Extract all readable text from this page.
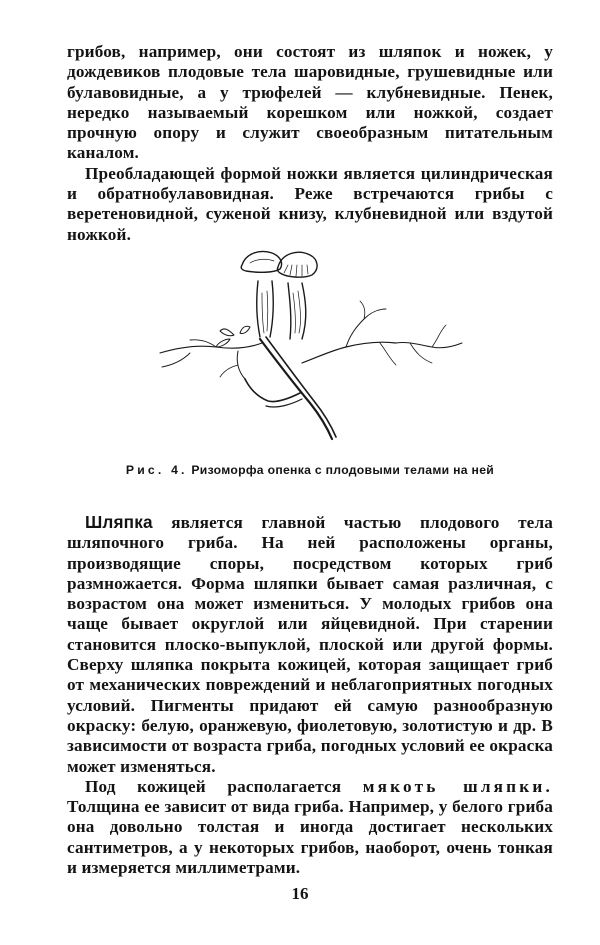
грибов, например, они состоят из шляпок и ножек, у дождевиков плодовые тела шаровидные, грушевидные или булавовидные, а у трюфелей — клубневидные. Пенек, нередко называемый корешком или ножкой, создает прочную опору и служит своеобразным питательным каналом.

Преобладающей формой ножки является цилиндрическая и обратнобулавовидная. Реже встречаются грибы с веретеновидной, суженой книзу, клубневидной или вздутой ножкой.

Рис. 4. Ризоморфа опенка с плодовыми телами на ней

Шляпка является главной частью плодового тела шляпочного гриба. На ней расположены органы, производящие споры, посредством которых гриб размножается. Форма шляпки бывает самая различная, с возрастом она может измениться. У молодых грибов она чаще бывает округлой или яйцевидной. При старении становится плоско-выпуклой, плоской или другой формы. Сверху шляпка покрыта кожицей, которая защищает гриб от механических повреждений и неблагоприятных погодных условий. Пигменты придают ей самую разнообразную окраску: белую, оранжевую, фиолетовую, золотистую и др. В зависимости от возраста гриба, погодных условий ее окраска может изменяться.

Под кожицей располагается мякоть шляпки. Толщина ее зависит от вида гриба. Например, у белого гриба она довольно толстая и иногда достигает нескольких сантиметров, а у некоторых грибов, наоборот, очень тонкая и измеряется миллиметрами.

16
